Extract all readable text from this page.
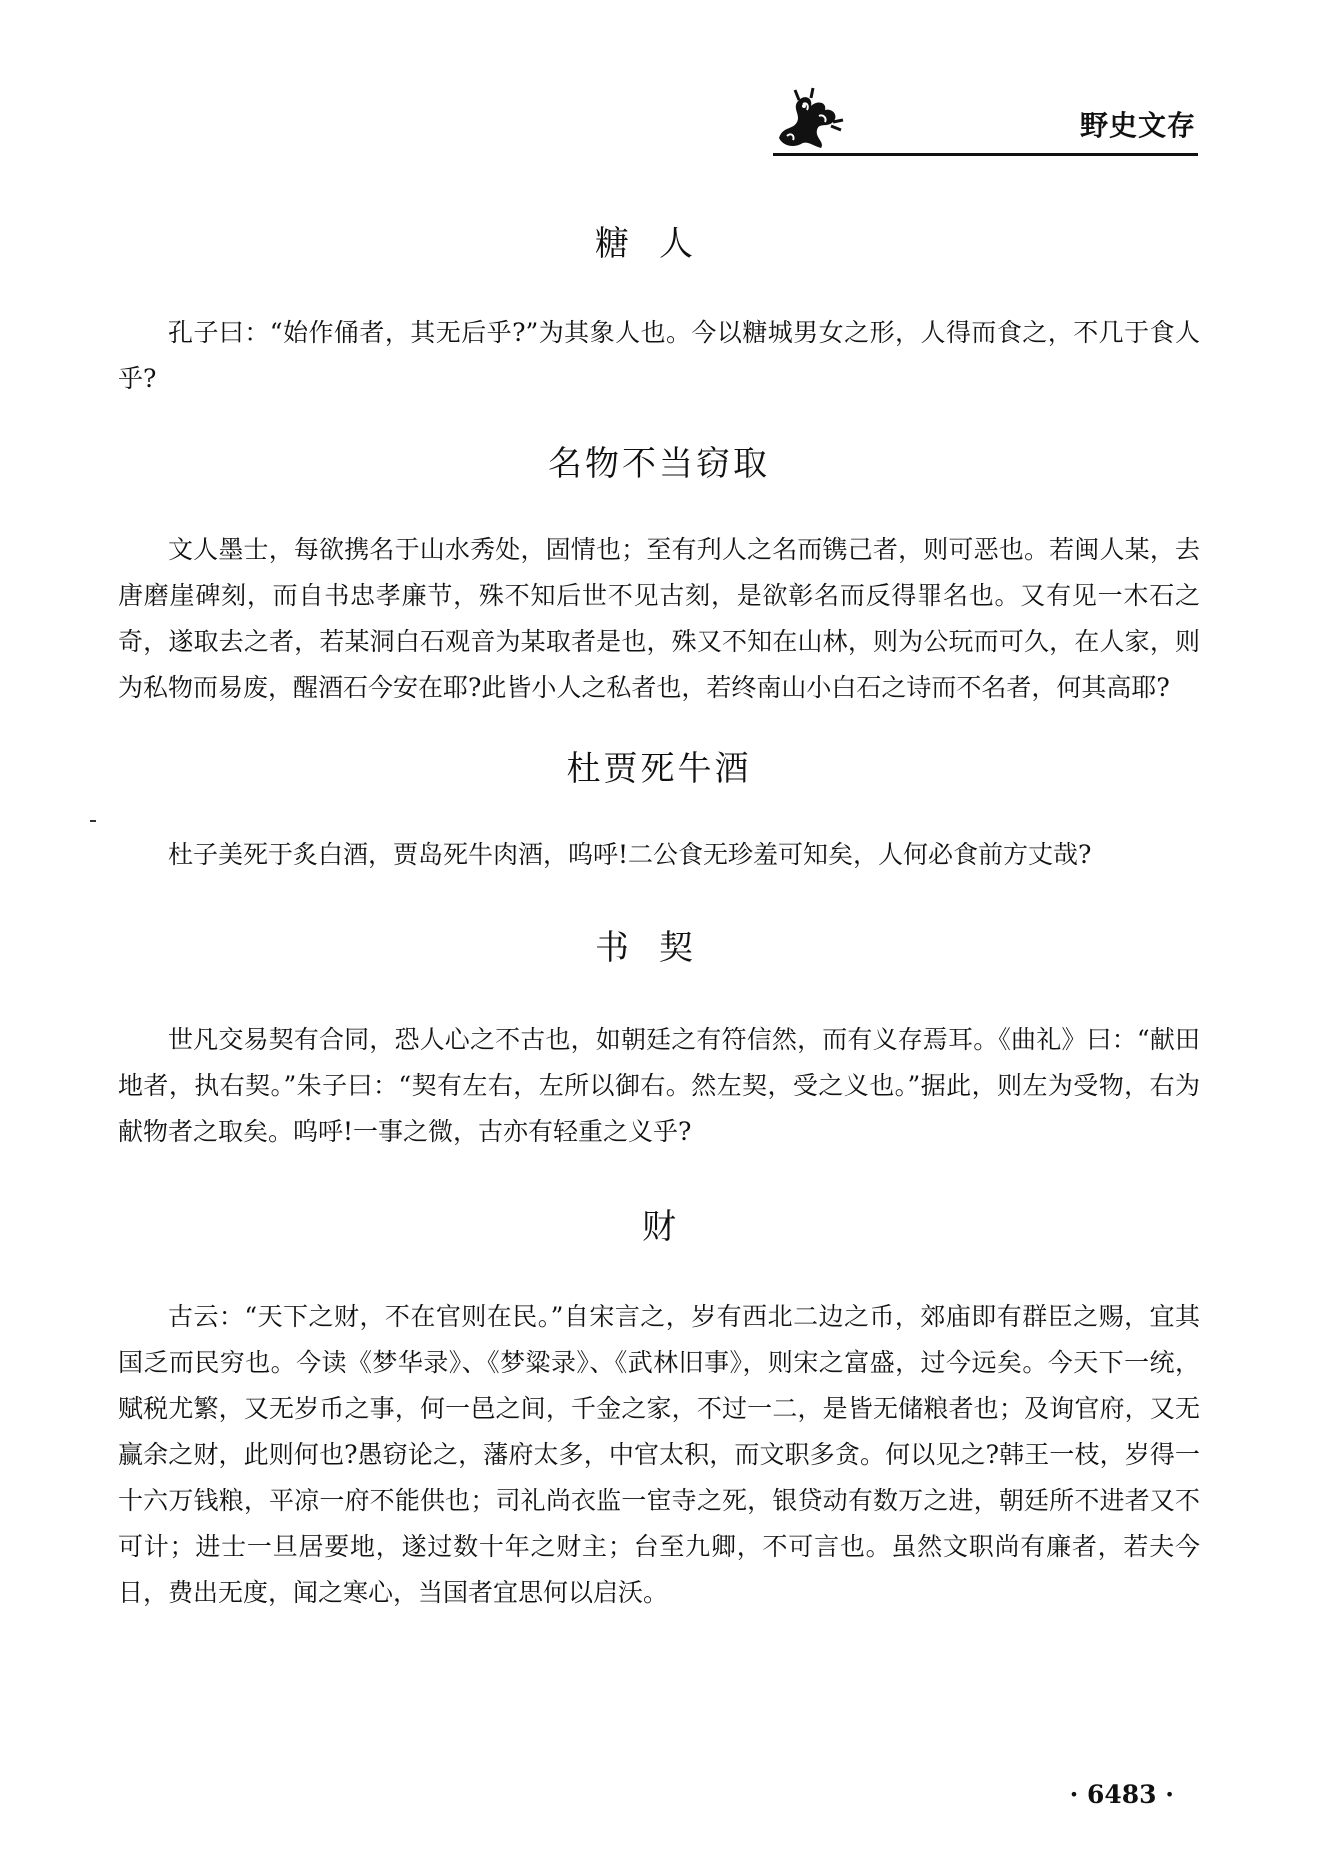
野史文存
糖人

孔子曰：“始作俑者，其无后乎?”为其象人也。今以糖城男女之形，人得而食之，不几于食人乎?

名物不当窃取

文人墨士，每欲携名于山水秀处，固情也；至有刋人之名而镌己者，则可恶也。若闽人某，去唐磨崖碑刻，而自书忠孝廉节，殊不知后世不见古刻，是欲彰名而反得罪名也。又有见一木石之奇，遂取去之者，若某洞白石观音为某取者是也，殊又不知在山林，则为公玩而可久，在人家，则为私物而易废，醒酒石今安在耶?此皆小人之私者也，若终南山小白石之诗而不名者，何其高耶?

杜贾死牛酒

杜子美死于炙白酒，贾岛死牛肉酒，呜呼!二公食无珍羞可知矣，人何必食前方丈哉?

书契

世凡交易契有合同，恐人心之不古也，如朝廷之有符信然，而有义存焉耳。《曲礼》曰：“献田地者，执右契。”朱子曰：“契有左右，左所以御右。然左契，受之义也。”据此，则左为受物，右为献物者之取矣。呜呼!一事之微，古亦有轻重之义乎?

财

古云：“天下之财，不在官则在民。”自宋言之，岁有西北二边之币，郊庙即有群臣之赐，宜其国乏而民穷也。今读《梦华录》、《梦粱录》、《武林旧事》，则宋之富盛，过今远矣。今天下一统，赋税尤繁，又无岁币之事，何一邑之间，千金之家，不过一二，是皆无储粮者也；及询官府，又无赢余之财，此则何也?愚窃论之，藩府太多，中官太积，而文职多贪。何以见之?韩王一枝，岁得一十六万钱粮，平凉一府不能供也；司礼尚衣监一宦寺之死，银贷动有数万之进，朝廷所不进者又不可计；进士一旦居要地，遂过数十年之财主；台至九卿，不可言也。虽然文职尚有廉者，若夫今日，费出无度，闻之寒心，当国者宜思何以启沃。

· 6483 ·
